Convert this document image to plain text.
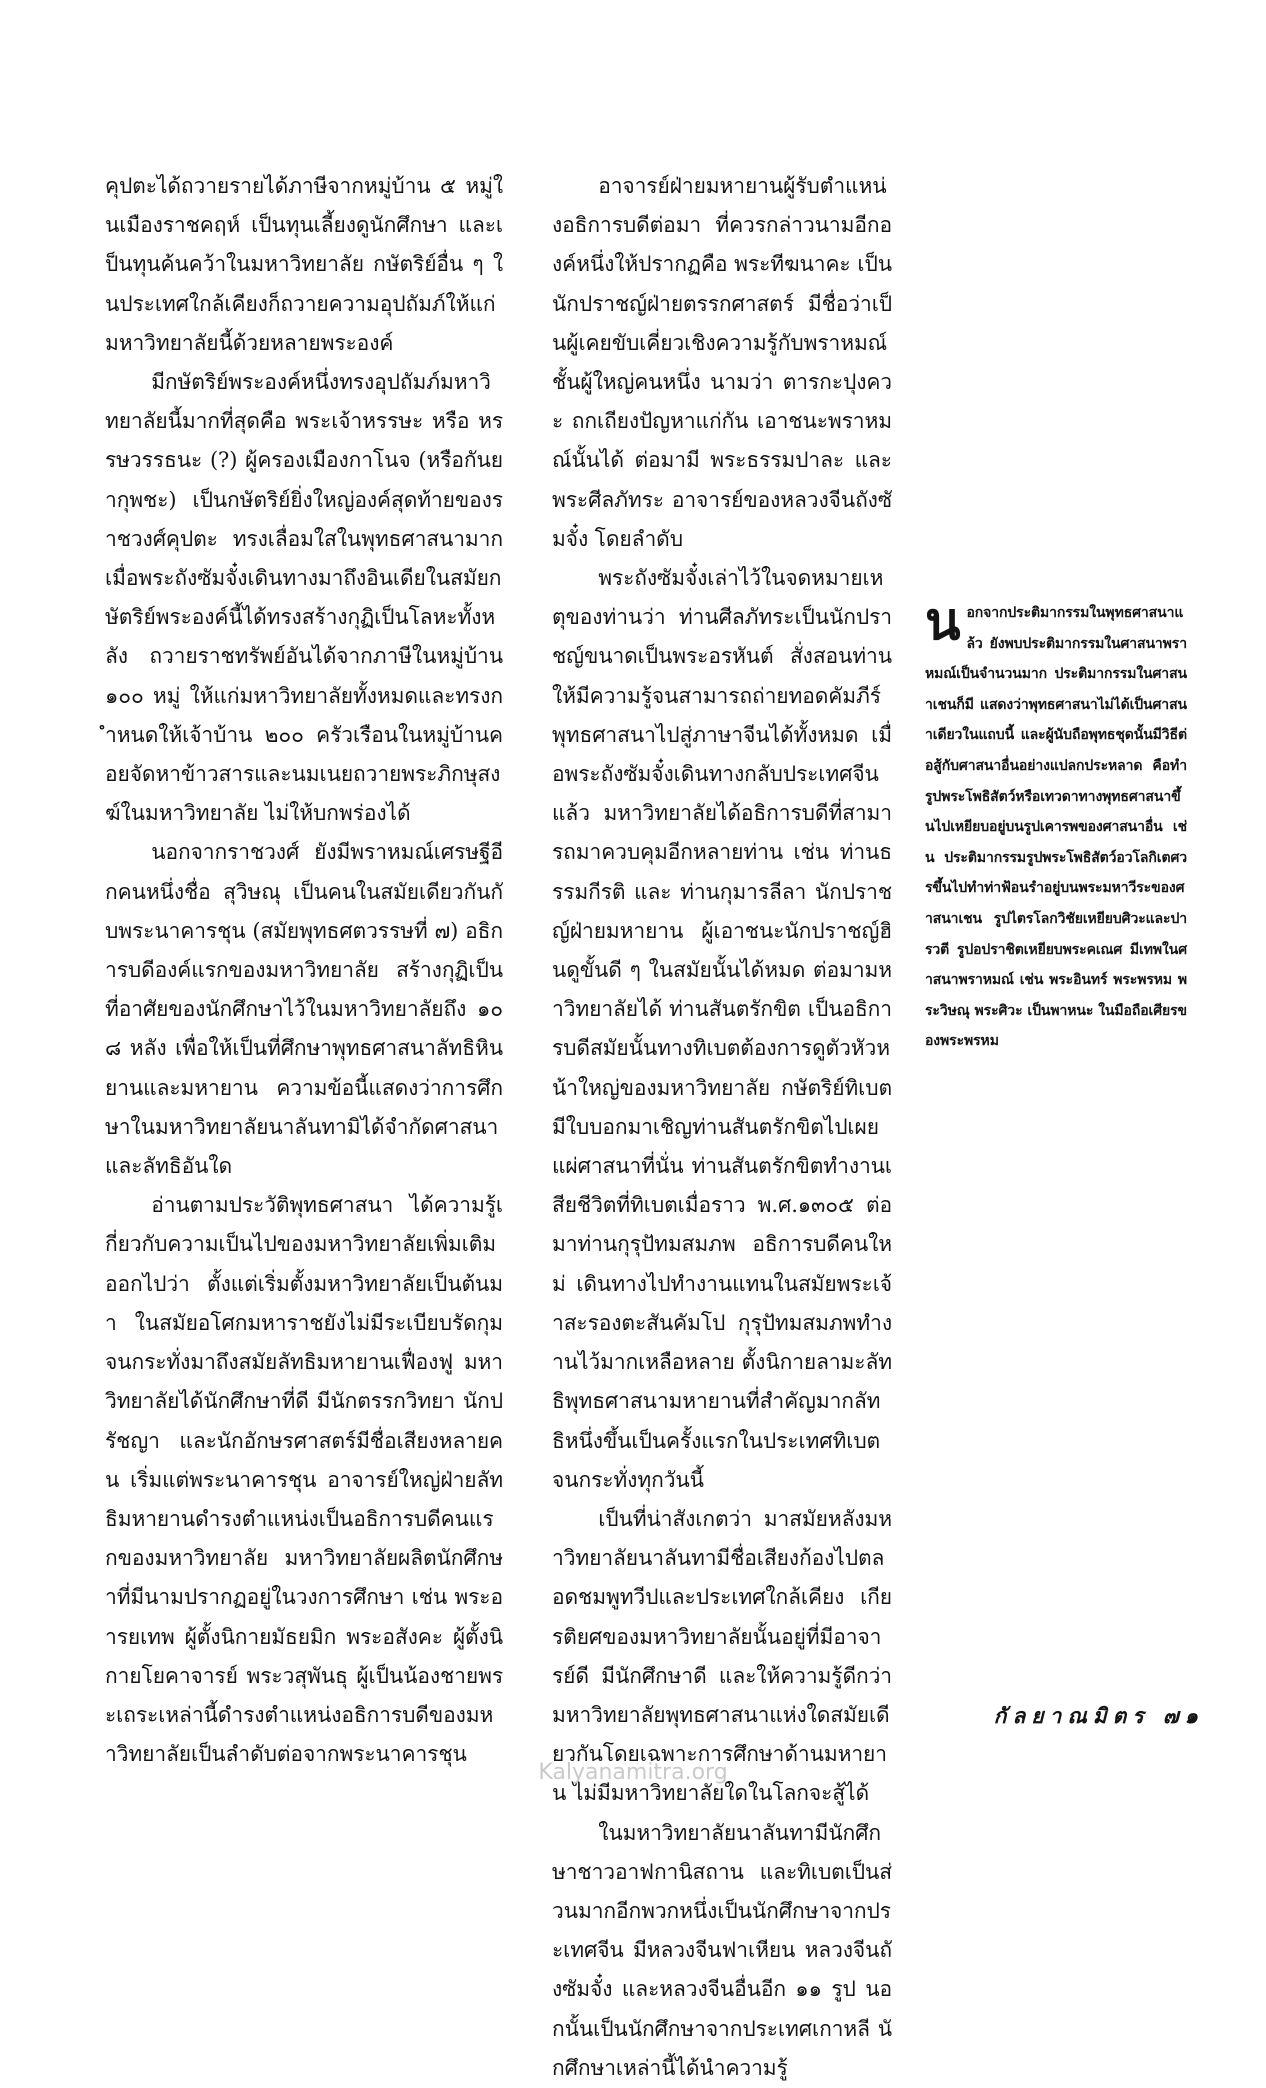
คุปตะได้ถวายรายได้ภาษีจากหมู่บ้าน ๕ หมู่ในเมืองราชคฤห์ เป็นทุนเลี้ยงดูนักศึกษา และเป็นทุนค้นคว้าในมหาวิทยาลัย กษัตริย์อื่น ๆ ในประเทศใกล้เคียงก็ถวายความอุปถัมภ์ให้แก่มหาวิทยาลัยนี้ด้วยหลายพระองค์

มีกษัตริย์พระองค์หนึ่งทรงอุปถัมภ์มหาวิทยาลัยนี้มากที่สุดคือ พระเจ้าหรรษะ หรือ หรรษวรรธนะ (?) ผู้ครองเมืองกาโนจ (หรือกันยากุพชะ) เป็นกษัตริย์ยิ่งใหญ่องค์สุดท้ายของราชวงศ์คุปตะ ทรงเลื่อมใสในพุทธศาสนามาก เมื่อพระถังซัมจั๋งเดินทางมาถึงอินเดียในสมัยกษัตริย์พระองค์นี้ได้ทรงสร้างกุฏิเป็นโลหะทั้งหลัง ถวายราชทรัพย์อันได้จากภาษีในหมู่บ้าน ๑๐๐ หมู่ ให้แก่มหาวิทยาลัยทั้งหมดและทรงกำหนดให้เจ้าบ้าน ๒๐๐ ครัวเรือนในหมู่บ้านคอยจัดหาข้าวสารและนมเนยถวายพระภิกษุสงฆ์ในมหาวิทยาลัย ไม่ให้บกพร่องได้

นอกจากราชวงศ์ ยังมีพราหมณ์เศรษฐีอีกคนหนึ่งชื่อ สุวิษณุ เป็นคนในสมัยเดียวกันกับพระนาคารชุน (สมัยพุทธศตวรรษที่ ๗) อธิการบดีองค์แรกของมหาวิทยาลัย สร้างกุฏิเป็นที่อาศัยของนักศึกษาไว้ในมหาวิทยาลัยถึง ๑๐๘ หลัง เพื่อให้เป็นที่ศึกษาพุทธศาสนาลัทธิหินยานและมหายาน ความข้อนี้แสดงว่าการศึกษาในมหาวิทยาลัยนาลันทามิได้จำกัดศาสนาและลัทธิอันใด

อ่านตามประวัติพุทธศาสนา ได้ความรู้เกี่ยวกับความเป็นไปของมหาวิทยาลัยเพิ่มเติมออกไปว่า ตั้งแต่เริ่มตั้งมหาวิทยาลัยเป็นต้นมา ในสมัยอโศกมหาราชยังไม่มีระเบียบรัดกุมจนกระทั่งมาถึงสมัยลัทธิมหายานเฟื่องฟู มหาวิทยาลัยได้นักศึกษาที่ดี มีนักตรรกวิทยา นักปรัชญา และนักอักษรศาสตร์มีชื่อเสียงหลายคน เริ่มแต่พระนาคารชุน อาจารย์ใหญ่ฝ่ายลัทธิมหายานดำรงตำแหน่งเป็นอธิการบดีคนแรกของมหาวิทยาลัย มหาวิทยาลัยผลิตนักศึกษาที่มีนามปรากฏอยู่ในวงการศึกษา เช่น พระอารยเทพ ผู้ตั้งนิกายมัธยมิก พระอสังคะ ผู้ตั้งนิกายโยคาจารย์ พระวสุพันธุ ผู้เป็นน้องชายพระเถระเหล่านี้ดำรงตำแหน่งอธิการบดีของมหาวิทยาลัยเป็นลำดับต่อจากพระนาคารชุน

อาจารย์ฝ่ายมหายานผู้รับตำแหน่งอธิการบดีต่อมา ที่ควรกล่าวนามอีกองค์หนึ่งให้ปรากฏคือ พระทีฆนาคะ เป็นนักปราชญ์ฝ่ายตรรกศาสตร์ มีชื่อว่าเป็นผู้เคยขับเคี่ยวเชิงความรู้กับพราหมณ์ชั้นผู้ใหญ่คนหนึ่ง นามว่า ตารกะปุงควะ ถกเถียงปัญหาแก่กัน เอาชนะพราหมณ์นั้นได้ ต่อมามี พระธรรมปาละ และ พระศีลภัทระ อาจารย์ของหลวงจีนถังซัมจั๋ง โดยลำดับ

พระถังซัมจั๋งเล่าไว้ในจดหมายเหตุของท่านว่า ท่านศีลภัทระเป็นนักปราชญ์ขนาดเป็นพระอรหันต์ สั่งสอนท่านให้มีความรู้จนสามารถถ่ายทอดคัมภีร์พุทธศาสนาไปสู่ภาษาจีนได้ทั้งหมด เมื่อพระถังซัมจั๋งเดินทางกลับประเทศจีนแล้ว มหาวิทยาลัยได้อธิการบดีที่สามารถมาควบคุมอีกหลายท่าน เช่น ท่านธรรมกีรติ และ ท่านกุมารลีลา นักปราชญ์ฝ่ายมหายาน ผู้เอาชนะนักปราชญ์ฮินดูขั้นดี ๆ ในสมัยนั้นได้หมด ต่อมามหาวิทยาลัยได้ ท่านสันตรักขิต เป็นอธิการบดีสมัยนั้นทางทิเบตต้องการดูตัวหัวหน้าใหญ่ของมหาวิทยาลัย กษัตริย์ทิเบตมีใบบอกมาเชิญท่านสันตรักขิตไปเผยแผ่ศาสนาที่นั่น ท่านสันตรักขิตทำงานเสียชีวิตที่ทิเบตเมื่อราว พ.ศ.๑๓๐๕ ต่อมาท่านกุรุปัทมสมภพ อธิการบดีคนใหม่ เดินทางไปทำงานแทนในสมัยพระเจ้าสะรองตะสันคัมโป กุรุปัทมสมภพทำงานไว้มากเหลือหลาย ตั้งนิกายลามะลัทธิพุทธศาสนามหายานที่สำคัญมากลัทธิหนึ่งขึ้นเป็นครั้งแรกในประเทศทิเบตจนกระทั่งทุกวันนี้

เป็นที่น่าสังเกตว่า มาสมัยหลังมหาวิทยาลัยนาลันทามีชื่อเสียงก้องไปตลอดชมพูทวีปและประเทศใกล้เคียง เกียรติยศของมหาวิทยาลัยนั้นอยู่ที่มีอาจารย์ดี มีนักศึกษาดี และให้ความรู้ดีกว่ามหาวิทยาลัยพุทธศาสนาแห่งใดสมัยเดียวกันโดยเฉพาะการศึกษาด้านมหายาน ไม่มีมหาวิทยาลัยใดในโลกจะสู้ได้

ในมหาวิทยาลัยนาลันทามีนักศึกษาชาวอาฟกานิสถาน และทิเบตเป็นส่วนมากอีกพวกหนึ่งเป็นนักศึกษาจากประเทศจีน มีหลวงจีนฟาเหียน หลวงจีนถังซัมจั๋ง และหลวงจีนอื่นอีก ๑๑ รูป นอกนั้นเป็นนักศึกษาจากประเทศเกาหลี นักศึกษาเหล่านี้ได้นำความรู้

นอกจากประติมากรรมในพุทธศาสนาแล้ว ยังพบประติมากรรมในศาสนาพราหมณ์เป็นจำนวนมาก ประติมากรรมในศาสนาเชนก็มี แสดงว่าพุทธศาสนาไม่ได้เป็นศาสนาเดียวในแถบนี้ และผู้นับถือพุทธชุดนั้นมีวิธีต่อสู้กับศาสนาอื่นอย่างแปลกประหลาด คือทำรูปพระโพธิสัตว์หรือเทวดาทางพุทธศาสนาขึ้นไปเหยียบอยู่บนรูปเคารพของศาสนาอื่น เช่น ประติมากรรมรูปพระโพธิสัตว์อวโลกิเตศวรขึ้นไปทำท่าฟ้อนรำอยู่บนพระมหาวีระของศาสนาเชน รูปไตรโลกวิชัยเหยียบศิวะและปารวตี รูปอปราชิตเหยียบพระคเณศ มีเทพในศาสนาพราหมณ์ เช่น พระอินทร์ พระพรหม พระวิษณุ พระศิวะ เป็นพาหนะ ในมือถือเศียรของพระพรหม

กัลยาณมิตร ๗๑
Kalyanamitra.org
